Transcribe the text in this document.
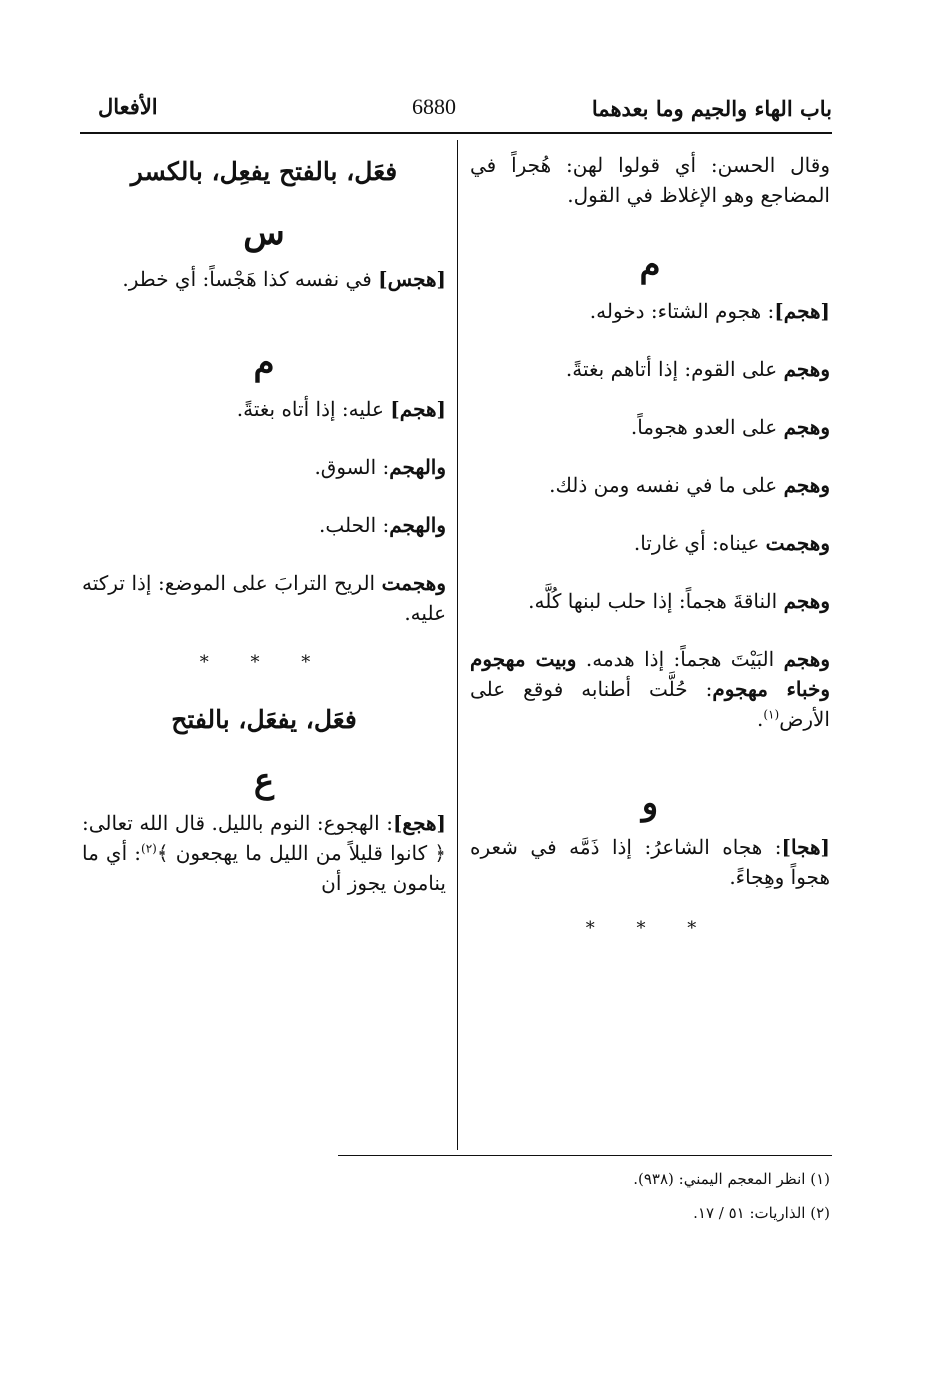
باب الهاء والجيم وما بعدهما
6880
الأفعال

وقال الحسن: أي قولوا لهن: هُجراً في المضاجع وهو الإغلاظ في القول.

م

[هجم]: هجوم الشتاء: دخوله.

وهجم على القوم: إذا أتاهم بغتةً.

وهجم على العدو هجوماً.

وهجم على ما في نفسه ومن ذلك.

وهجمت عيناه: أي غارتا.

وهجم الناقةَ هجماً: إذا حلب لبنها كُلَّه.

وهجم البَيْتَ هجماً: إذا هدمه. وبيت مهجوم وخباء مهجوم: حُلَّت أطنابه فوقع على الأرض$^{(١)}$.

و

[هجا]: هجاه الشاعرُ: إذا ذَمَّه في شعره هجواً وهِجاءً.

* * *
فعَل، بالفتح يفعِل، بالكسر
س

[هجس] في نفسه كذا هَجْساً: أي خطر.

م

[هجم] عليه: إذا أتاه بغتةً.

والهجم: السوق.

والهجم: الحلب.

وهجمت الريح الترابَ على الموضع: إذا تركته عليه.

* * *
فعَل، يفعَل، بالفتح
ع

[هجع]: الهجوع: النوم بالليل. قال الله تعالى: ﴿ كانوا قليلاً من الليل ما يهجعون ﴾$^{(٢)}$: أي ما ينامون يجوز أن

(١) انظر المعجم اليمني: (٩٣٨).
(٢) الذاريات: ٥١ / ١٧.
